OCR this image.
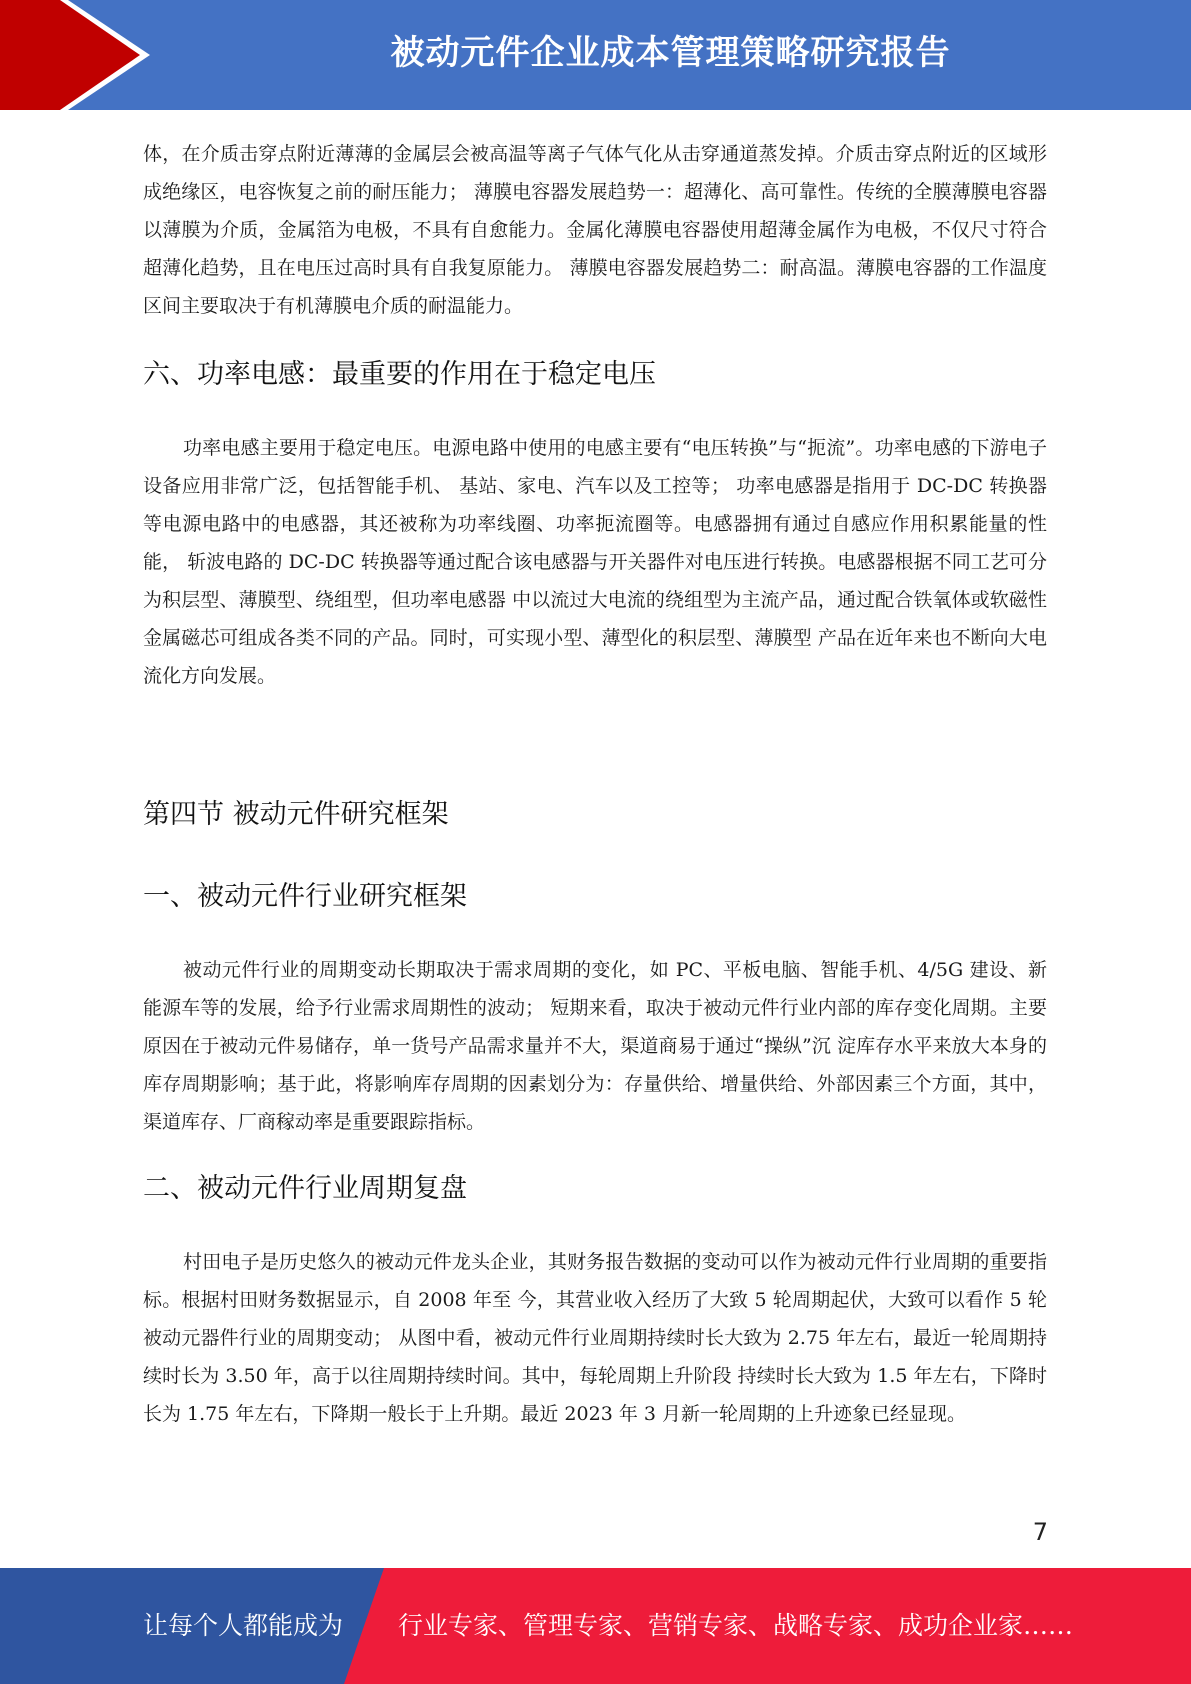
被动元件企业成本管理策略研究报告

体，在介质击穿点附近薄薄的金属层会被高温等离子气体气化从击穿通道蒸发掉。介质击穿点附近的区域形成绝缘区，电容恢复之前的耐压能力； 薄膜电容器发展趋势一：超薄化、高可靠性。传统的全膜薄膜电容器以薄膜为介质，金属箔为电极，不具有自愈能力。金属化薄膜电容器使用超薄金属作为电极，不仅尺寸符合超薄化趋势，且在电压过高时具有自我复原能力。 薄膜电容器发展趋势二：耐高温。薄膜电容器的工作温度区间主要取决于有机薄膜电介质的耐温能力。

六、功率电感：最重要的作用在于稳定电压

功率电感主要用于稳定电压。电源电路中使用的电感主要有“电压转换”与“扼流”。功率电感的下游电子设备应用非常广泛，包括智能手机、 基站、家电、汽车以及工控等； 功率电感器是指用于 DC-DC 转换器等电源电路中的电感器，其还被称为功率线圈、功率扼流圈等。电感器拥有通过自感应作用积累能量的性能， 斩波电路的 DC-DC 转换器等通过配合该电感器与开关器件对电压进行转换。电感器根据不同工艺可分为积层型、薄膜型、绕组型，但功率电感器 中以流过大电流的绕组型为主流产品，通过配合铁氧体或软磁性金属磁芯可组成各类不同的产品。同时，可实现小型、薄型化的积层型、薄膜型 产品在近年来也不断向大电流化方向发展。

第四节 被动元件研究框架
一、被动元件行业研究框架

被动元件行业的周期变动长期取决于需求周期的变化，如 PC、平板电脑、智能手机、4/5G 建设、新能源车等的发展，给予行业需求周期性的波动； 短期来看，取决于被动元件行业内部的库存变化周期。主要原因在于被动元件易储存，单一货号产品需求量并不大，渠道商易于通过“操纵”沉 淀库存水平来放大本身的库存周期影响；基于此，将影响库存周期的因素划分为：存量供给、增量供给、外部因素三个方面，其中，渠道库存、厂商稼动率是重要跟踪指标。

二、被动元件行业周期复盘

村田电子是历史悠久的被动元件龙头企业，其财务报告数据的变动可以作为被动元件行业周期的重要指标。根据村田财务数据显示，自 2008 年至 今，其营业收入经历了大致 5 轮周期起伏，大致可以看作 5 轮被动元器件行业的周期变动； 从图中看，被动元件行业周期持续时长大致为 2.75 年左右，最近一轮周期持续时长为 3.50 年，高于以往周期持续时间。其中，每轮周期上升阶段 持续时长大致为 1.5 年左右，下降时长为 1.75 年左右，下降期一般长于上升期。最近 2023 年 3 月新一轮周期的上升迹象已经显现。

7
让每个人都能成为 行业专家、管理专家、营销专家、战略专家、成功企业家……
